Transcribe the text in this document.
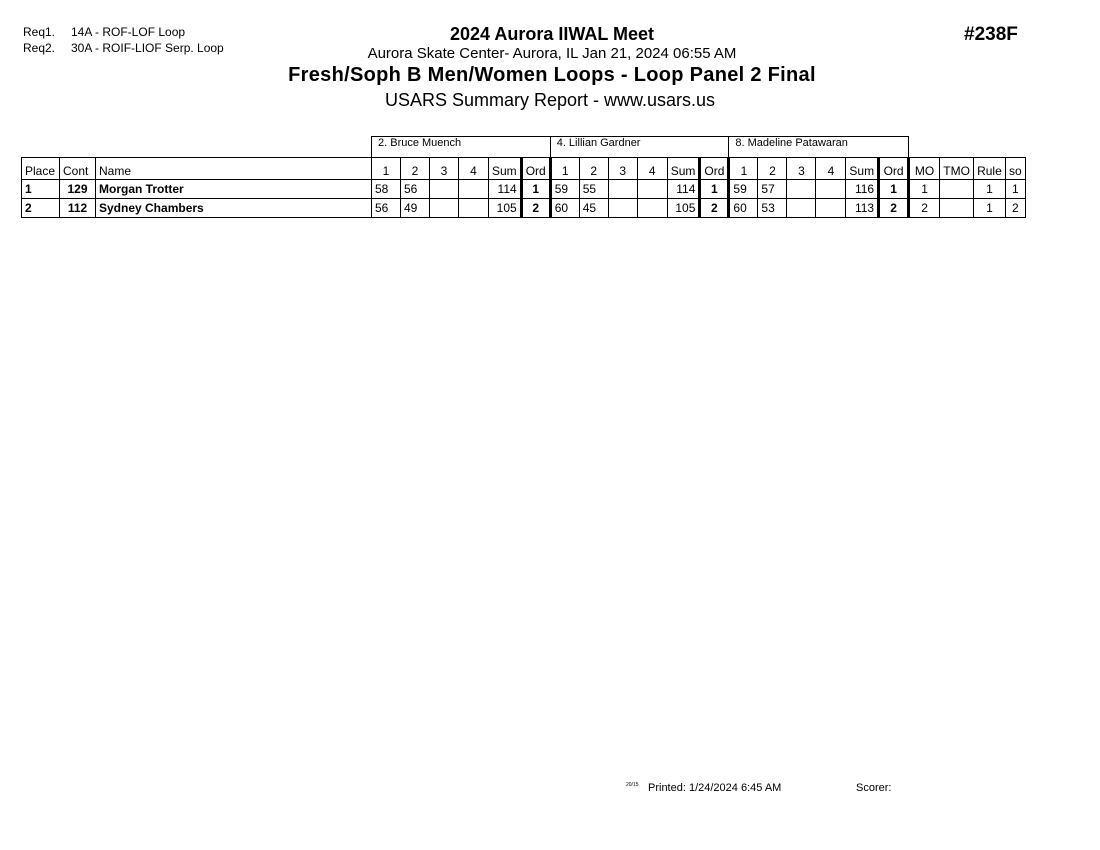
Req1. 14A - ROF-LOF Loop
Req2. 30A - ROIF-LIOF Serp. Loop
2024 Aurora IIWAL Meet
Aurora Skate Center- Aurora, IL Jan 21, 2024 06:55 AM
Fresh/Soph B Men/Women Loops - Loop Panel 2 Final
USARS Summary Report - www.usars.us
#238F
			2. Bruce Muench						4. Lillian Gardner						8. Madeline Patawaran									
Place	Cont	Name	1	2	3	4	Sum	Ord	1	2	3	4	Sum	Ord	1	2	3	4	Sum	Ord	MO	TMO	Rule	so
1	129	Morgan Trotter	58	56			114	1	59	55			114	1	59	57			116	1	1		1	1
2	112	Sydney Chambers	56	49			105	2	60	45			105	2	60	53			113	2	2		1	2
20/15 Printed: 1/24/2024 6:45 AM	Scorer:
